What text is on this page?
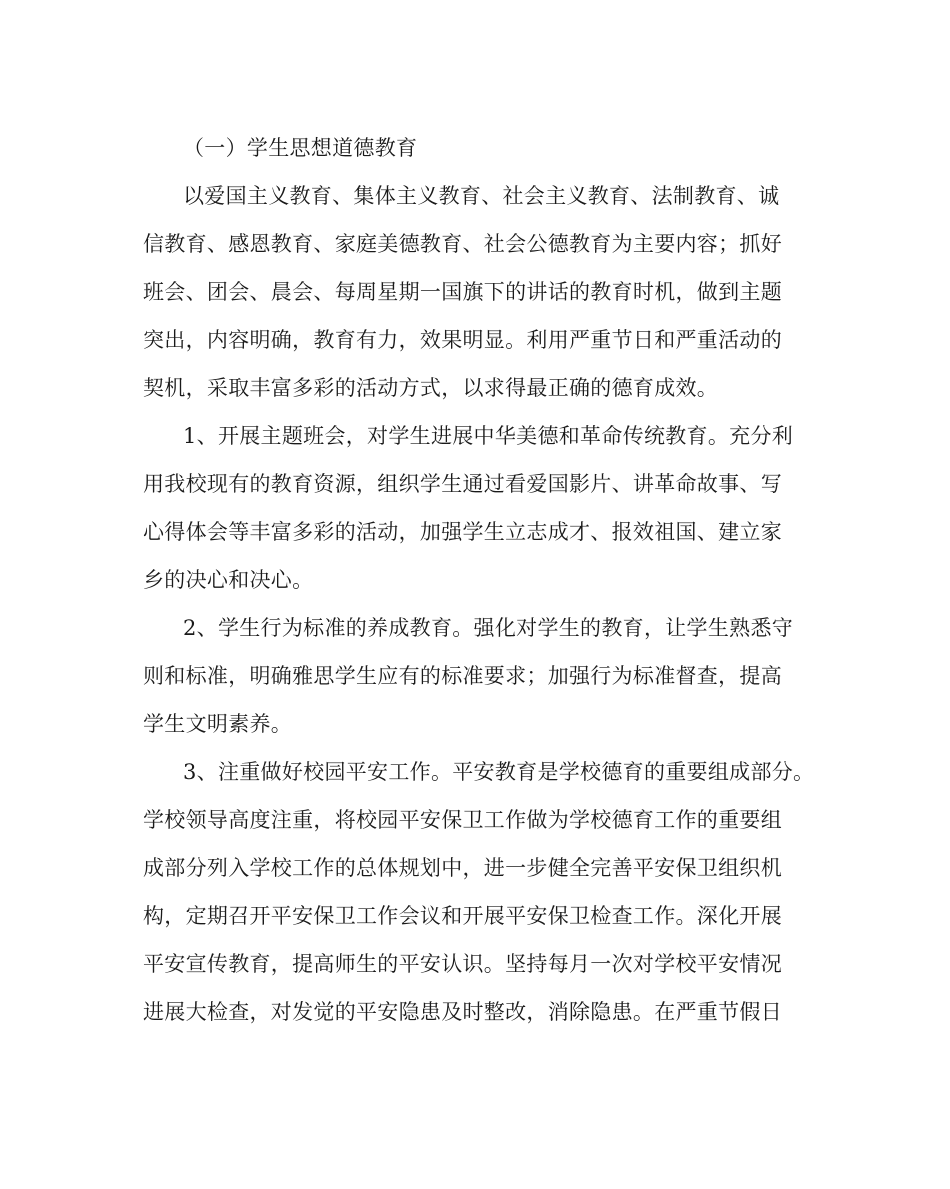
（一）学生思想道德教育
以爱国主义教育、集体主义教育、社会主义教育、法制教育、诚
信教育、感恩教育、家庭美德教育、社会公德教育为主要内容；抓好
班会、团会、晨会、每周星期一国旗下的讲话的教育时机，做到主题
突出，内容明确，教育有力，效果明显。利用严重节日和严重活动的
契机，采取丰富多彩的活动方式，以求得最正确的德育成效。
1、开展主题班会，对学生进展中华美德和革命传统教育。充分利
用我校现有的教育资源，组织学生通过看爱国影片、讲革命故事、写
心得体会等丰富多彩的活动，加强学生立志成才、报效祖国、建立家
乡的决心和决心。
2、学生行为标准的养成教育。强化对学生的教育，让学生熟悉守
则和标准，明确雅思学生应有的标准要求；加强行为标准督查，提高
学生文明素养。
3、注重做好校园平安工作。平安教育是学校德育的重要组成部分。
学校领导高度注重，将校园平安保卫工作做为学校德育工作的重要组
成部分列入学校工作的总体规划中，进一步健全完善平安保卫组织机
构，定期召开平安保卫工作会议和开展平安保卫检查工作。深化开展
平安宣传教育，提高师生的平安认识。坚持每月一次对学校平安情况
进展大检查，对发觉的平安隐患及时整改，消除隐患。在严重节假日
